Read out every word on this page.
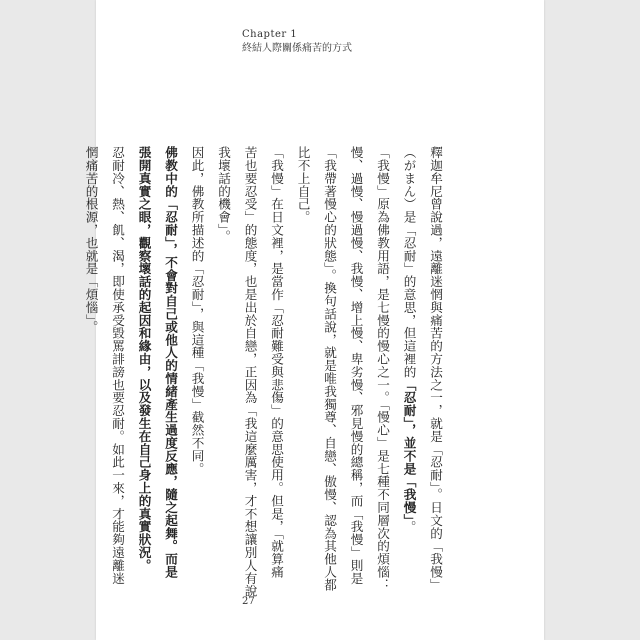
Chapter 1
終結人際關係痛苦的方式

釋迦牟尼曾說過，遠離迷惘與痛苦的方法之一，就是「忍耐」。日文的「我慢」

（がまん）是「忍耐」的意思，但這裡的「忍耐」，並不是「我慢」。

「我慢」原為佛教用語，是七慢的慢心之一。「慢心」是七種不同層次的煩惱：

慢、過慢、慢過慢、我慢、增上慢、卑劣慢、邪見慢的總稱，而「我慢」則是

「我帶著慢心的狀態」。換句話說，就是唯我獨尊、自戀、傲慢、認為其他人都

比不上自己。

「我慢」在日文裡，是當作「忍耐難受與悲傷」的意思使用。但是，「就算痛

苦也要忍受」的態度，也是出於自戀，正因為「我這麼厲害，才不想讓別人有說

我壞話的機會」。

因此，佛教所描述的「忍耐」，與這種「我慢」截然不同。

佛教中的「忍耐」，不會對自己或他人的情緒產生過度反應，隨之起舞。而是

張開真實之眼，觀察壞話的起因和緣由，以及發生在自己身上的真實狀況。

忍耐冷、熱、飢、渴，即使承受毀罵誹謗也要忍耐。如此一來，才能夠遠離迷

惘痛苦的根源，也就是「煩惱」。

27
